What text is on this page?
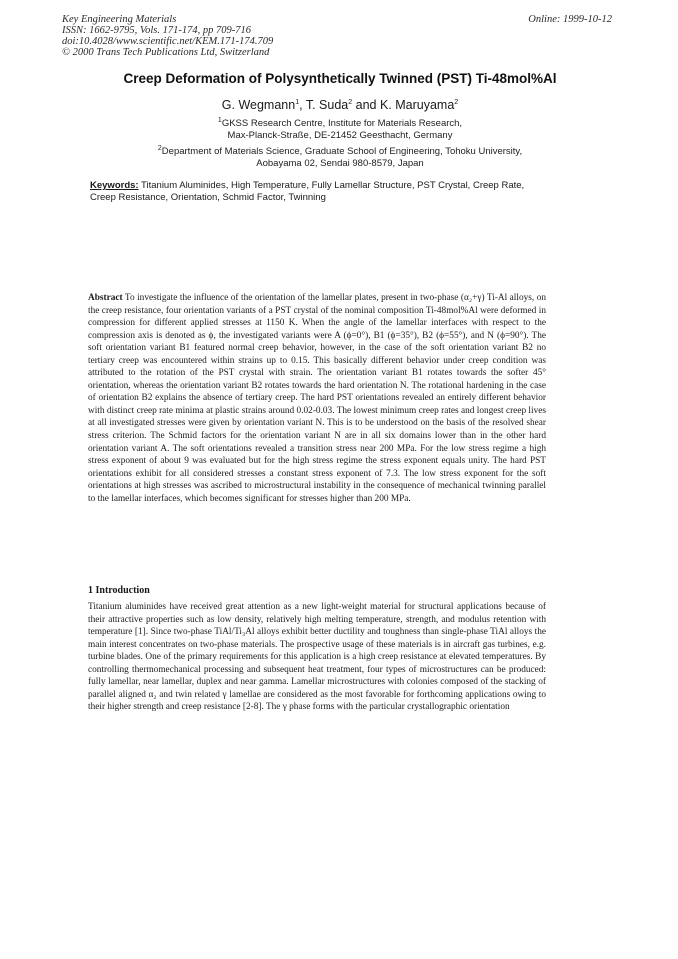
Key Engineering Materials
ISSN: 1662-9795, Vols. 171-174, pp 709-716
doi:10.4028/www.scientific.net/KEM.171-174.709
© 2000 Trans Tech Publications Ltd, Switzerland
Online: 1999-10-12
Creep Deformation of Polysynthetically Twinned (PST) Ti-48mol%Al
G. Wegmann$^1$, T. Suda$^2$ and K. Maruyama$^2$
$^1$GKSS Research Centre, Institute for Materials Research,
Max-Planck-Straße, DE-21452 Geesthacht, Germany
$^2$Department of Materials Science, Graduate School of Engineering, Tohoku University,
Aobayama 02, Sendai 980-8579, Japan
Keywords: Titanium Aluminides, High Temperature, Fully Lamellar Structure, PST Crystal, Creep Rate, Creep Resistance, Orientation, Schmid Factor, Twinning
Abstract To investigate the influence of the orientation of the lamellar plates, present in two-phase (α₂+γ) Ti-Al alloys, on the creep resistance, four orientation variants of a PST crystal of the nominal composition Ti-48mol%Al were deformed in compression for different applied stresses at 1150 K. When the angle of the lamellar interfaces with respect to the compression axis is denoted as ϕ, the investigated variants were A (ϕ=0°), B1 (ϕ=35°), B2 (ϕ=55°), and N (ϕ=90°). The soft orientation variant B1 featured normal creep behavior, however, in the case of the soft orientation variant B2 no tertiary creep was encountered within strains up to 0.15. This basically different behavior under creep condition was attributed to the rotation of the PST crystal with strain. The orientation variant B1 rotates towards the softer 45° orientation, whereas the orientation variant B2 rotates towards the hard orientation N. The rotational hardening in the case of orientation B2 explains the absence of tertiary creep. The hard PST orientations revealed an entirely different behavior with distinct creep rate minima at plastic strains around 0.02-0.03. The lowest minimum creep rates and longest creep lives at all investigated stresses were given by orientation variant N. This is to be understood on the basis of the resolved shear stress criterion. The Schmid factors for the orientation variant N are in all six domains lower than in the other hard orientation variant A. The soft orientations revealed a transition stress near 200 MPa. For the low stress regime a high stress exponent of about 9 was evaluated but for the high stress regime the stress exponent equals unity. The hard PST orientations exhibit for all considered stresses a constant stress exponent of 7.3. The low stress exponent for the soft orientations at high stresses was ascribed to microstructural instability in the consequence of mechanical twinning parallel to the lamellar interfaces, which becomes significant for stresses higher than 200 MPa.
1 Introduction
Titanium aluminides have received great attention as a new light-weight material for structural applications because of their attractive properties such as low density, relatively high melting temperature, strength, and modulus retention with temperature [1]. Since two-phase TiAl/Ti₃Al alloys exhibit better ductility and toughness than single-phase TiAl alloys the main interest concentrates on two-phase materials. The prospective usage of these materials is in aircraft gas turbines, e.g. turbine blades. One of the primary requirements for this application is a high creep resistance at elevated temperatures. By controlling thermomechanical processing and subsequent heat treatment, four types of microstructures can be produced: fully lamellar, near lamellar, duplex and near gamma. Lamellar microstructures with colonies composed of the stacking of parallel aligned α₂ and twin related γ lamellae are considered as the most favorable for forthcoming applications owing to their higher strength and creep resistance [2-8]. The γ phase forms with the particular crystallographic orientation
